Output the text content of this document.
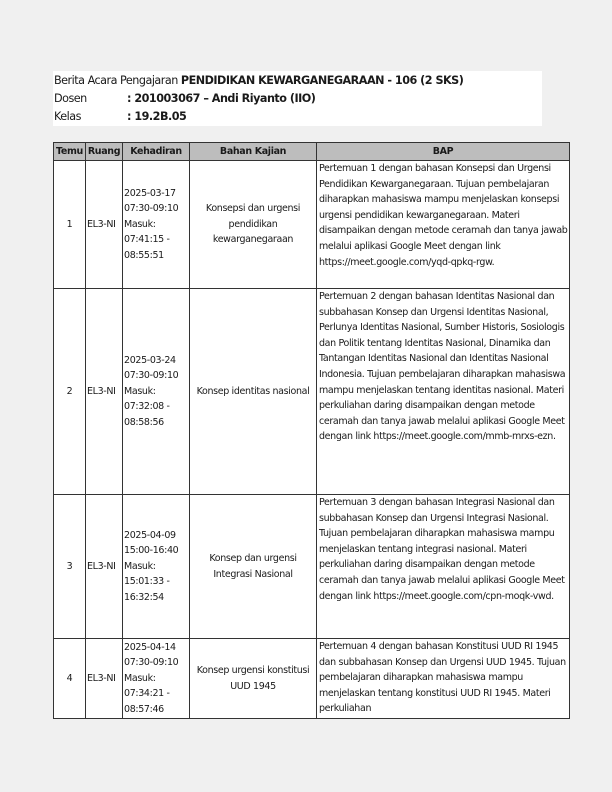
Berita Acara Pengajaran PENDIDIKAN KEWARGANEGARAAN - 106 (2 SKS)
Dosen	: 201003067 – Andi Riyanto (IIO)
Kelas	: 19.2B.05
Temu	Ruang	Kehadiran	Bahan Kajian	BAP
1	EL3-NI	2025-03-17 07:30-09:10 Masuk: 07:41:15 - 08:55:51	Konsepsi dan urgensi pendidikan kewarganegaraan	Pertemuan 1 dengan bahasan Konsepsi dan Urgensi Pendidikan Kewarganegaraan. Tujuan pembelajaran diharapkan mahasiswa mampu menjelaskan konsepsi urgensi pendidikan kewarganegaraan. Materi disampaikan dengan metode ceramah dan tanya jawab melalui aplikasi Google Meet dengan link https://meet.google.com/yqd-qpkq-rgw.
2	EL3-NI	2025-03-24 07:30-09:10 Masuk: 07:32:08 - 08:58:56	Konsep identitas nasional	Pertemuan 2 dengan bahasan Identitas Nasional dan subbahasan Konsep dan Urgensi Identitas Nasional, Perlunya Identitas Nasional, Sumber Historis, Sosiologis dan Politik tentang Identitas Nasional, Dinamika dan Tantangan Identitas Nasional dan Identitas Nasional Indonesia. Tujuan pembelajaran diharapkan mahasiswa mampu menjelaskan tentang identitas nasional. Materi perkuliahan daring disampaikan dengan metode ceramah dan tanya jawab melalui aplikasi Google Meet dengan link https://meet.google.com/mmb-mrxs-ezn.
3	EL3-NI	2025-04-09 15:00-16:40 Masuk: 15:01:33 - 16:32:54	Konsep dan urgensi Integrasi Nasional	Pertemuan 3 dengan bahasan Integrasi Nasional dan subbahasan Konsep dan Urgensi Integrasi Nasional. Tujuan pembelajaran diharapkan mahasiswa mampu menjelaskan tentang integrasi nasional. Materi perkuliahan daring disampaikan dengan metode ceramah dan tanya jawab melalui aplikasi Google Meet dengan link https://meet.google.com/cpn-moqk-vwd.
4	EL3-NI	2025-04-14 07:30-09:10 Masuk: 07:34:21 - 08:57:46	Konsep urgensi konstitusi UUD 1945	Pertemuan 4 dengan bahasan Konstitusi UUD RI 1945 dan subbahasan Konsep dan Urgensi UUD 1945. Tujuan pembelajaran diharapkan mahasiswa mampu menjelaskan tentang konstitusi UUD RI 1945. Materi perkuliahan
